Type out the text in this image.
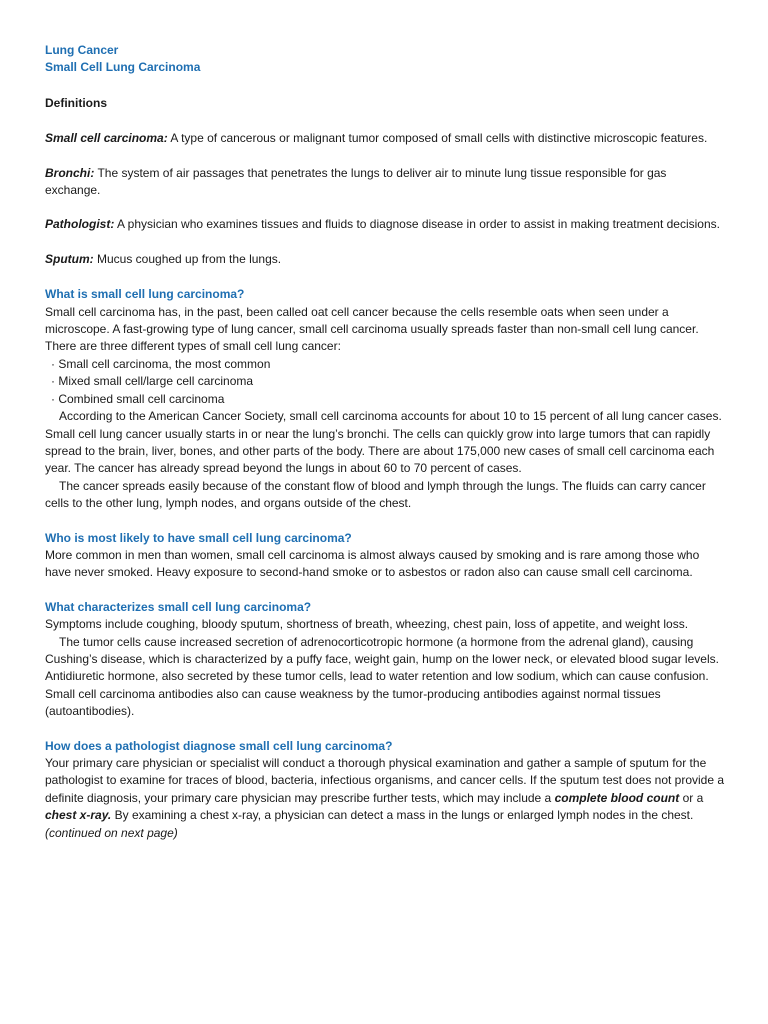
Lung Cancer

Small Cell Lung Carcinoma

Definitions

Small cell carcinoma: A type of cancerous or malignant tumor composed of small cells with distinctive microscopic features.

Bronchi: The system of air passages that penetrates the lungs to deliver air to minute lung tissue responsible for gas exchange.

Pathologist: A physician who examines tissues and fluids to diagnose disease in order to assist in making treatment decisions.

Sputum: Mucus coughed up from the lungs.

What is small cell lung carcinoma?

Small cell carcinoma has, in the past, been called oat cell cancer because the cells resemble oats when seen under a microscope. A fast-growing type of lung cancer, small cell carcinoma usually spreads faster than non-small cell lung cancer. There are three different types of small cell lung cancer:

· Small cell carcinoma, the most common

· Mixed small cell/large cell carcinoma

· Combined small cell carcinoma

According to the American Cancer Society, small cell carcinoma accounts for about 10 to 15 percent of all lung cancer cases. Small cell lung cancer usually starts in or near the lung’s bronchi. The cells can quickly grow into large tumors that can rapidly spread to the brain, liver, bones, and other parts of the body. There are about 175,000 new cases of small cell carcinoma each year. The cancer has already spread beyond the lungs in about 60 to 70 percent of cases.

The cancer spreads easily because of the constant flow of blood and lymph through the lungs. The fluids can carry cancer cells to the other lung, lymph nodes, and organs outside of the chest.

Who is most likely to have small cell lung carcinoma?

More common in men than women, small cell carcinoma is almost always caused by smoking and is rare among those who have never smoked. Heavy exposure to second-hand smoke or to asbestos or radon also can cause small cell carcinoma.

What characterizes small cell lung carcinoma?

Symptoms include coughing, bloody sputum, shortness of breath, wheezing, chest pain, loss of appetite, and weight loss.

The tumor cells cause increased secretion of adrenocorticotropic hormone (a hormone from the adrenal gland), causing Cushing’s disease, which is characterized by a puffy face, weight gain, hump on the lower neck, or elevated blood sugar levels. Antidiuretic hormone, also secreted by these tumor cells, lead to water retention and low sodium, which can cause confusion. Small cell carcinoma antibodies also can cause weakness by the tumor-producing antibodies against normal tissues (autoantibodies).

How does a pathologist diagnose small cell lung carcinoma?

Your primary care physician or specialist will conduct a thorough physical examination and gather a sample of sputum for the pathologist to examine for traces of blood, bacteria, infectious organisms, and cancer cells. If the sputum test does not provide a definite diagnosis, your primary care physician may prescribe further tests, which may include a complete blood count or a chest x-ray. By examining a chest x-ray, a physician can detect a mass in the lungs or enlarged lymph nodes in the chest.

(continued on next page)
